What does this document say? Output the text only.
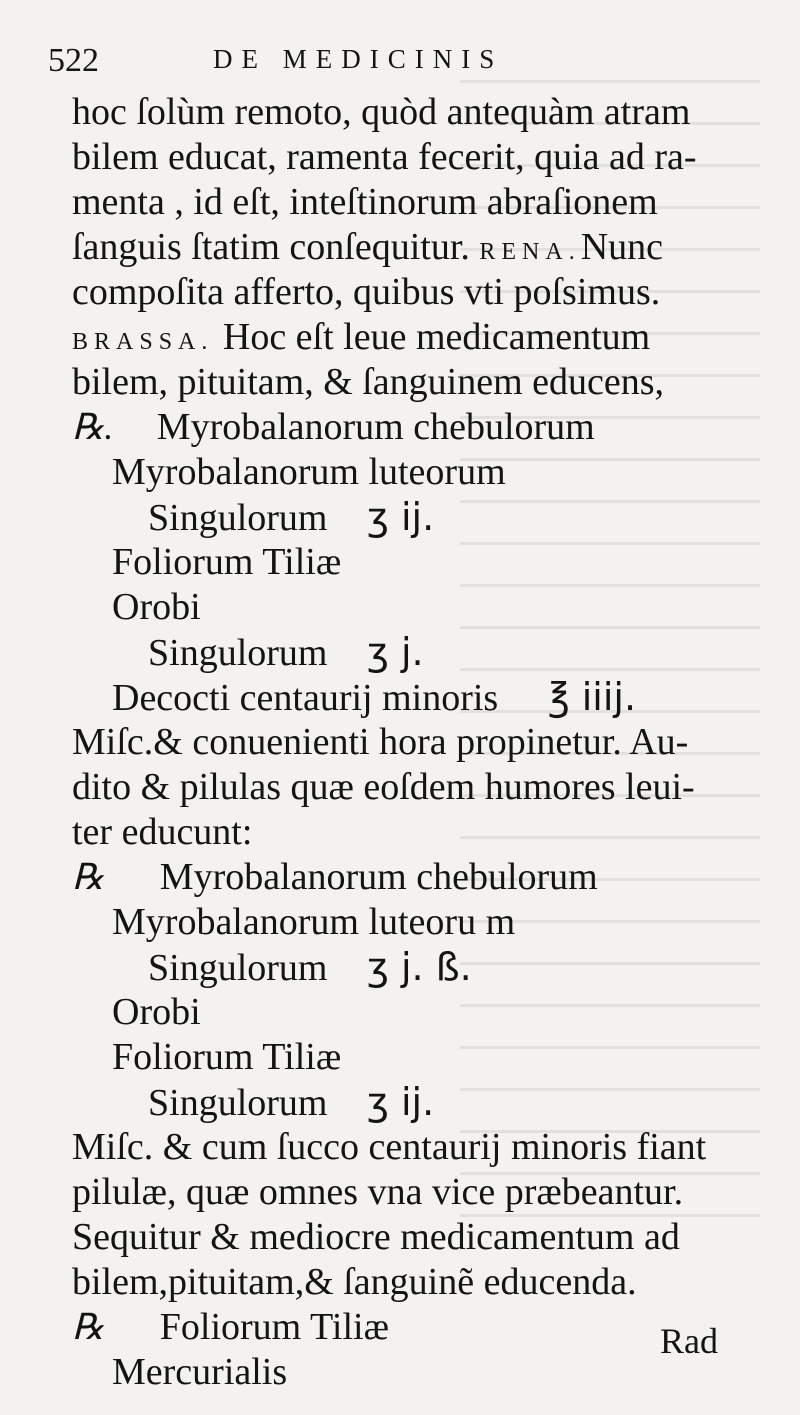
522	DE MEDICINIS
hoc ſolùm remoto, quòd antequàm atram
bilem educat, ramenta fecerit, quia ad ra-
menta , id eſt, inteſtinorum abraſionem
ſanguis ſtatim conſequitur. RENA.Nunc
compoſita afferto, quibus vti poſsimus.
BRASSA. Hoc eſt leue medicamentum
bilem, pituitam, & ſanguinem educens,
℞. Myrobalanorum chebulorum
Myrobalanorum luteorum
Singulorum ʒ ij.
Foliorum Tiliæ
Orobi
Singulorum ʒ j.
Decocti centaurij minoris ℥ iiij.
Miſc.& conuenienti hora propinetur. Au-
dito & pilulas quæ eoſdem humores leui-
ter educunt:
℞ Myrobalanorum chebulorum
Myrobalanorum luteoru m
Singulorum ʒ j. ß.
Orobi
Foliorum Tiliæ
Singulorum ʒ ij.
Miſc. & cum ſucco centaurij minoris fiant
pilulæ, quæ omnes vna vice præbeantur.
Sequitur & mediocre medicamentum ad
bilem,pituitam,& ſanguinẽ educenda.
℞ Foliorum Tiliæ
Mercurialis
Rad
